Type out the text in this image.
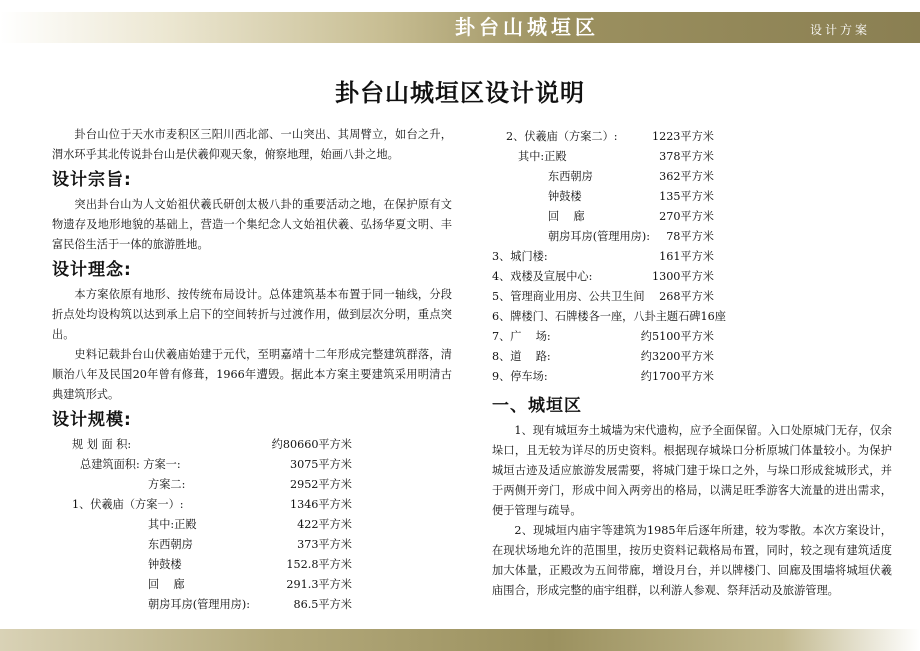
卦台山城垣区	设计方案
卦台山城垣区设计说明

卦台山位于天水市麦积区三阳川西北部、一山突出、其周臂立，如台之升，渭水环乎其北传说卦台山是伏羲仰观天象，俯察地理，始画八卦之地。

设计宗旨:

突出卦台山为人文始祖伏羲氏研创太极八卦的重要活动之地，在保护原有文物遗存及地形地貌的基础上，营造一个集纪念人文始祖伏羲、弘扬华夏文明、丰富民俗生活于一体的旅游胜地。

设计理念:

本方案依原有地形、按传统布局设计。总体建筑基本布置于同一轴线，分段折点处均设构筑以达到承上启下的空间转折与过渡作用，做到层次分明，重点突出。

史料记载卦台山伏羲庙始建于元代，至明嘉靖十二年形成完整建筑群落，清顺治八年及民国20年曾有修葺，1966年遭毁。据此本方案主要建筑采用明清古典建筑形式。

设计规模:
规 划 面 积:	约80660平方米
总建筑面积: 方案一:	3075平方米
方案二:	2952平方米
1、伏羲庙（方案一）:	1346平方米
其中:正殿	422平方米
东西朝房	373平方米
钟鼓楼	152.8平方米
回    廊	291.3平方米
朝房耳房(管理用房):	86.5平方米
2、伏羲庙（方案二）:	1223平方米
其中:正殿	378平方米
东西朝房	362平方米
钟鼓楼	135平方米
回    廊	270平方米
朝房耳房(管理用房): 78平方米
3、城门楼:	161平方米
4、戏楼及宣展中心:	1300平方米
5、管理商业用房、公共卫生间 268平方米
6、牌楼门、石牌楼各一座，八卦主题石碑16座
7、广    场:	约5100平方米
8、道    路:	约3200平方米
9、停车场:	约1700平方米
一、城垣区

1、现有城垣夯土城墙为宋代遗构，应予全面保留。入口处原城门无存，仅余垛口，且无较为详尽的历史资料。根据现存城垛口分析原城门体量较小。为保护城垣古迹及适应旅游发展需要，将城门建于垛口之外，与垛口形成瓮城形式，并于两侧开旁门，形成中间入两旁出的格局，以满足旺季游客大流量的进出需求，便于管理与疏导。

2、现城垣内庙宇等建筑为1985年后逐年所建，较为零散。本次方案设计，在现状场地允许的范围里，按历史资料记载格局布置，同时，较之现有建筑适度加大体量，正殿改为五间带廊，增设月台，并以牌楼门、回廊及围墙将城垣伏羲庙围合，形成完整的庙宇组群，以利游人参观、祭拜活动及旅游管理。
